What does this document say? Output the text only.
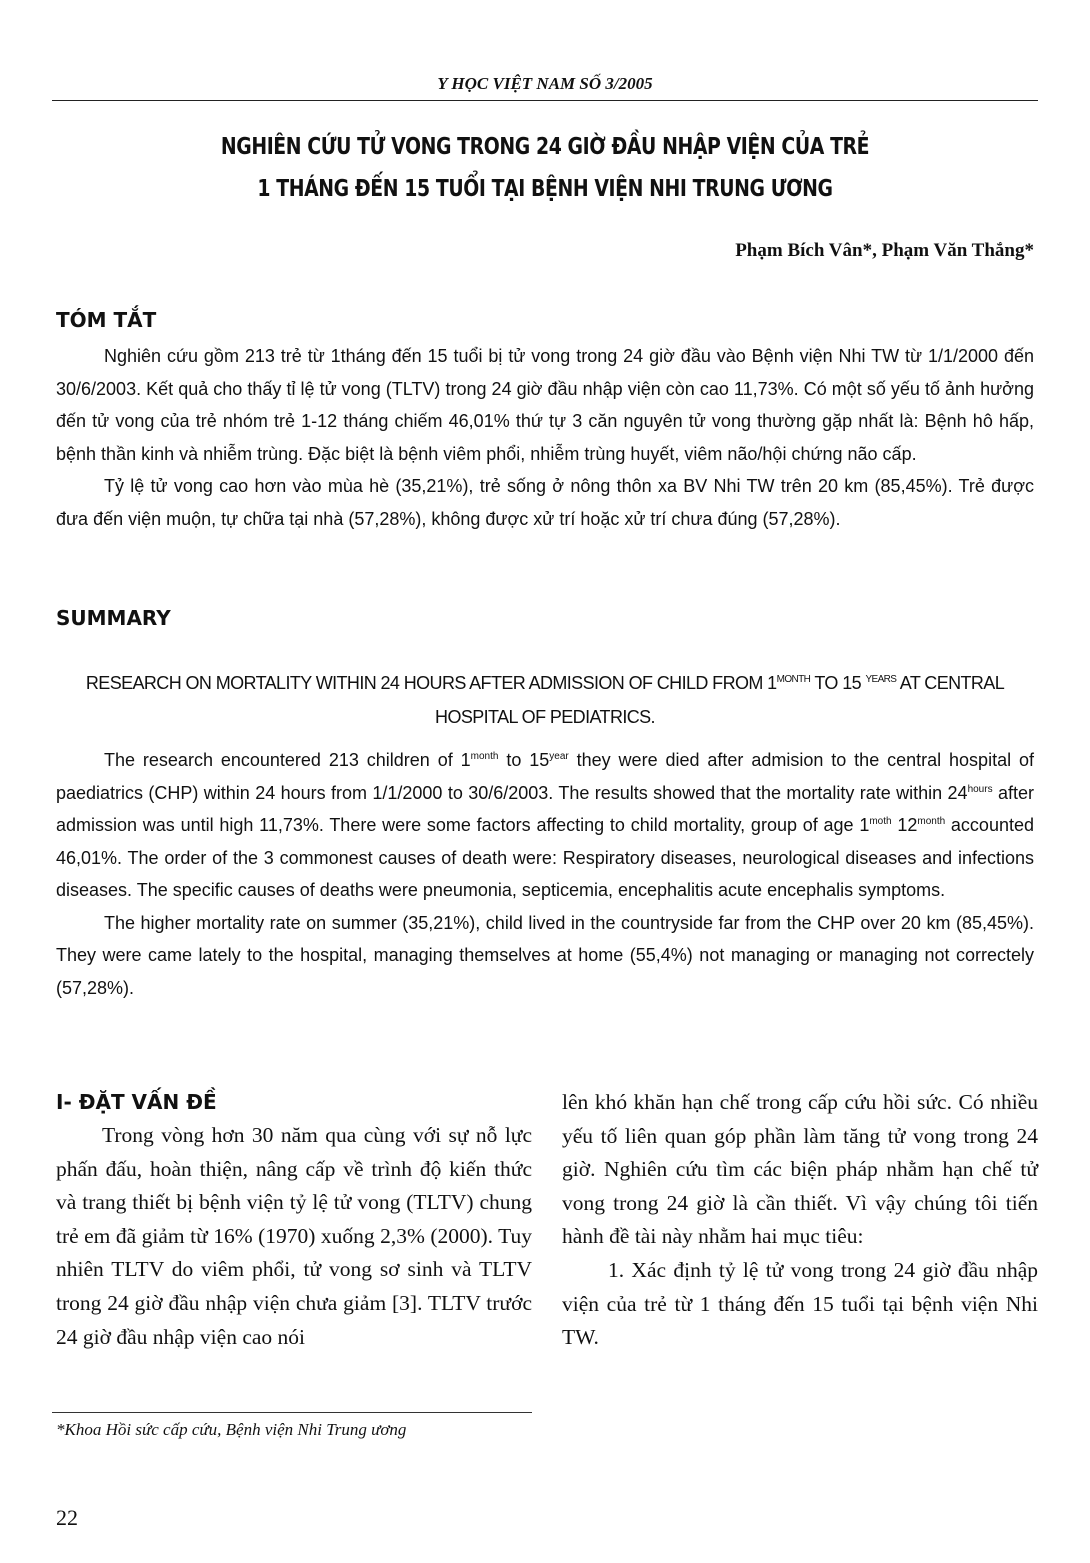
Y HỌC VIỆT NAM SỐ 3/2005
NGHIÊN CỨU TỬ VONG TRONG 24 GIỜ ĐẦU NHẬP VIỆN CỦA TRẺ
1 THÁNG ĐẾN 15 TUỔI TẠI BỆNH VIỆN NHI TRUNG ƯƠNG
Phạm Bích Vân*, Phạm Văn Thắng*
TÓM TẮT

Nghiên cứu gồm 213 trẻ từ 1tháng đến 15 tuổi bị tử vong trong 24 giờ đầu vào Bệnh viện Nhi TW từ 1/1/2000 đến 30/6/2003. Kết quả cho thấy tỉ lệ tử vong (TLTV) trong 24 giờ đầu nhập viện còn cao 11,73%. Có một số yếu tố ảnh hưởng đến tử vong của trẻ nhóm trẻ 1-12 tháng chiếm 46,01% thứ tự 3 căn nguyên tử vong thường gặp nhất là: Bệnh hô hấp, bệnh thần kinh và nhiễm trùng. Đặc biệt là bệnh viêm phổi, nhiễm trùng huyết, viêm não/hội chứng não cấp.

Tỷ lệ tử vong cao hơn vào mùa hè (35,21%), trẻ sống ở nông thôn xa BV Nhi TW trên 20 km (85,45%). Trẻ được đưa đến viện muộn, tự chữa tại nhà (57,28%), không được xử trí hoặc xử trí chưa đúng (57,28%).

SUMMARY
RESEARCH ON MORTALITY WITHIN 24 HOURS AFTER ADMISSION OF CHILD FROM $1^{MONTH}$ TO 15 $^{YEARS}$ AT CENTRAL
HOSPITAL OF PEDIATRICS.

The research encountered 213 children of $1^{month}$ to $15^{year}$ they were died after admision to the central hospital of paediatrics (CHP) within 24 hours from 1/1/2000 to 30/6/2003. The results showed that the mortality rate within $24^{hours}$ after admission was until high 11,73%. There were some factors affecting to child mortality, group of age $1^{moth}$ $12^{month}$ accounted 46,01%. The order of the 3 commonest causes of death were: Respiratory diseases, neurological diseases and infections diseases. The specific causes of deaths were pneumonia, septicemia, encephalitis acute encephalis symptoms.

The higher mortality rate on summer (35,21%), child lived in the countryside far from the CHP over 20 km (85,45%). They were came lately to the hospital, managing themselves at home (55,4%) not managing or managing not correctely (57,28%).

I- ĐẶT VẤN ĐỀ

Trong vòng hơn 30 năm qua cùng với sự nỗ lực phấn đấu, hoàn thiện, nâng cấp về trình độ kiến thức và trang thiết bị bệnh viện tỷ lệ tử vong (TLTV) chung trẻ em đã giảm từ 16% (1970) xuống 2,3% (2000). Tuy nhiên TLTV do viêm phổi, tử vong sơ sinh và TLTV trong 24 giờ đầu nhập viện chưa giảm [3]. TLTV trước 24 giờ đầu nhập viện cao nói

lên khó khăn hạn chế trong cấp cứu hồi sức. Có nhiều yếu tố liên quan góp phần làm tăng tử vong trong 24 giờ. Nghiên cứu tìm các biện pháp nhằm hạn chế tử vong trong 24 giờ là cần thiết. Vì vậy chúng tôi tiến hành đề tài này nhằm hai mục tiêu:

1. Xác định tỷ lệ tử vong trong 24 giờ đầu nhập viện của trẻ từ 1 tháng đến 15 tuổi tại bệnh viện Nhi TW.

*Khoa Hồi sức cấp cứu, Bệnh viện Nhi Trung ương
22
